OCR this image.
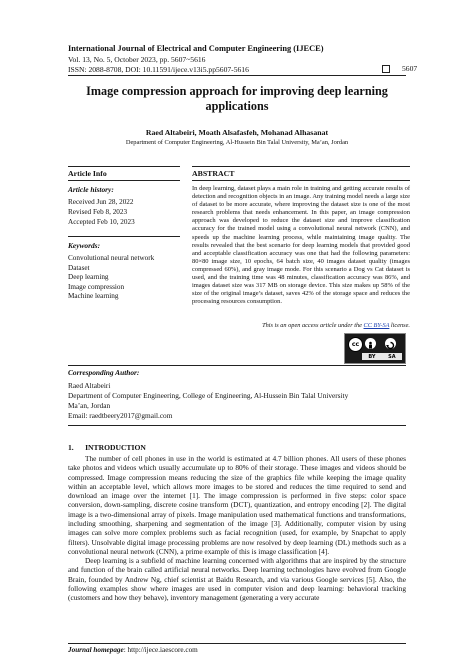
International Journal of Electrical and Computer Engineering (IJECE)
Vol. 13, No. 5, October 2023, pp. 5607~5616
ISSN: 2088-8708, DOI: 10.11591/ijece.v13i5.pp5607-5616	5607
Image compression approach for improving deep learning
applications
Raed Altabeiri, Moath Alsafasfeh, Mohanad Alhasanat
Department of Computer Engineering, Al-Hussein Bin Talal University, Ma’an, Jordan
Article Info
Article history:
Received Jun 28, 2022
Revised Feb 8, 2023
Accepted Feb 10, 2023
Keywords:
Convolutional neural network
Dataset
Deep learning
Image compression
Machine learning
ABSTRACT
In deep learning, dataset plays a main role in training and getting accurate results of detection and recognition objects in an image. Any training model needs a large size of dataset to be more accurate, where improving the dataset size is one of the most research problems that needs enhancement. In this paper, an image compression approach was developed to reduce the dataset size and improve classification accuracy for the trained model using a convolutional neural network (CNN), and speeds up the machine learning process, while maintaining image quality. The results revealed that the best scenario for deep learning models that provided good and acceptable classification accuracy was one that had the following parameters: 80×80 image size, 10 epochs, 64 batch size, 40 images dataset quality (images compressed 60%), and gray image mode. For this scenario a Dog vs Cat dataset is used, and the training time was 48 minutes, classification accuracy was 86%, and images dataset size was 317 MB on storage device. This size makes up 58% of the size of the original image’s dataset, saves 42% of the storage space and reduces the processing resources consumption.
This is an open access article under the CC BY-SA license.
cc
BY	SA
Corresponding Author:
Raed Altabeiri
Department of Computer Engineering, College of Engineering, Al-Hussein Bin Talal University
Ma’an, Jordan
Email: raedtbeery2017@gmail.com
1.      INTRODUCTION
The number of cell phones in use in the world is estimated at 4.7 billion phones. All users of these phones take photos and videos which usually accumulate up to 80% of their storage. These images and videos should be compressed. Image compression means reducing the size of the graphics file while keeping the image quality within an acceptable level, which allows more images to be stored and reduces the time required to send and download an image over the internet [1]. The image compression is performed in five steps: color space conversion, down-sampling, discrete cosine transform (DCT), quantization, and entropy encoding [2]. The digital image is a two-dimensional array of pixels. Image manipulation used mathematical functions and transformations, including smoothing, sharpening and segmentation of the image [3]. Additionally, computer vision by using images can solve more complex problems such as facial recognition (used, for example, by Snapchat to apply filters). Unsolvable digital image processing problems are now resolved by deep learning (DL) methods such as a convolutional neural network (CNN), a prime example of this is image classification [4].
Deep learning is a subfield of machine learning concerned with algorithms that are inspired by the structure and function of the brain called artificial neural networks. Deep learning technologies have evolved from Google Brain, founded by Andrew Ng, chief scientist at Baidu Research, and via various Google services [5]. Also, the following examples show where images are used in computer vision and deep learning: behavioral tracking (customers and how they behave), inventory management (generating a very accurate
Journal homepage: http://ijece.iaescore.com
